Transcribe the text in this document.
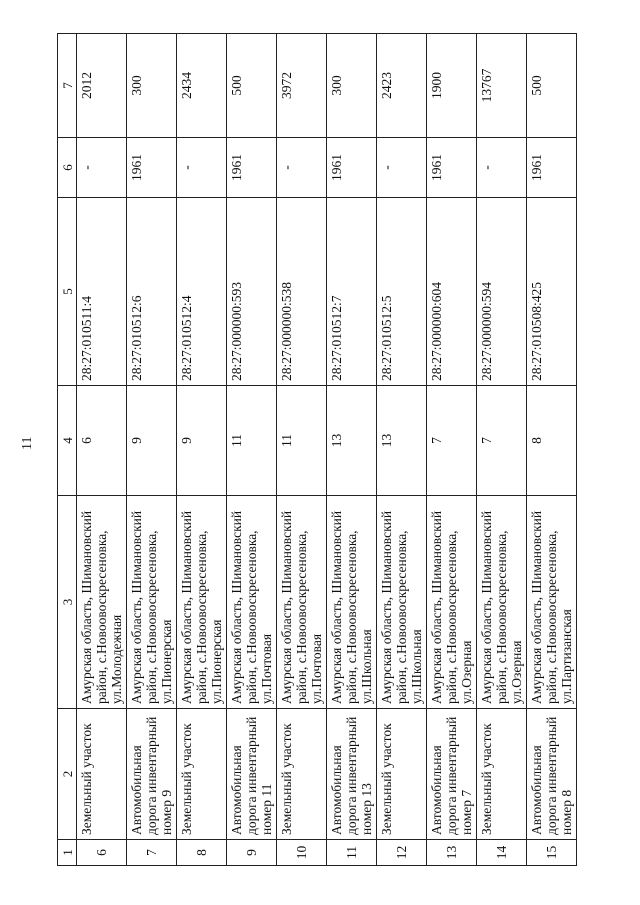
11
1	2	3	4	5	6	7
6	Земельный участок	Амурская область, Шимановский район, с.Новоовоскресеновка, ул.Молодежная	6	28:27:010511:4	-	2012
7	Автомобильная дорога инвентарный номер 9	Амурская область, Шимановский район, с.Новоовоскресеновка, ул.Пионерская	9	28:27:010512:6	1961	300
8	Земельный участок	Амурская область, Шимановский район, с.Новоовоскресеновка, ул.Пионерская	9	28:27:010512:4	-	2434
9	Автомобильная дорога инвентарный номер 11	Амурская область, Шимановский район, с.Новоовоскресеновка, ул.Почтовая	11	28:27:000000:593	1961	500
10	Земельный участок	Амурская область, Шимановский район, с.Новоовоскресеновка, ул.Почтовая	11	28:27:000000:538	-	3972
11	Автомобильная дорога инвентарный номер 13	Амурская область, Шимановский район, с.Новоовоскресеновка, ул.Школьная	13	28:27:010512:7	1961	300
12	Земельный участок	Амурская область, Шимановский район, с.Новоовоскресеновка, ул.Школьная	13	28:27:010512:5	-	2423
13	Автомобильная дорога инвентарный номер 7	Амурская область, Шимановский район, с.Новоовоскресеновка, ул.Озерная	7	28:27:000000:604	1961	1900
14	Земельный участок	Амурская область, Шимановский район, с.Новоовоскресеновка, ул.Озерная	7	28:27:000000:594	-	13767
15	Автомобильная дорога инвентарный номер 8	Амурская область, Шимановский район, с.Новоовоскресеновка, ул.Партизанская	8	28:27:010508:425	1961	500
